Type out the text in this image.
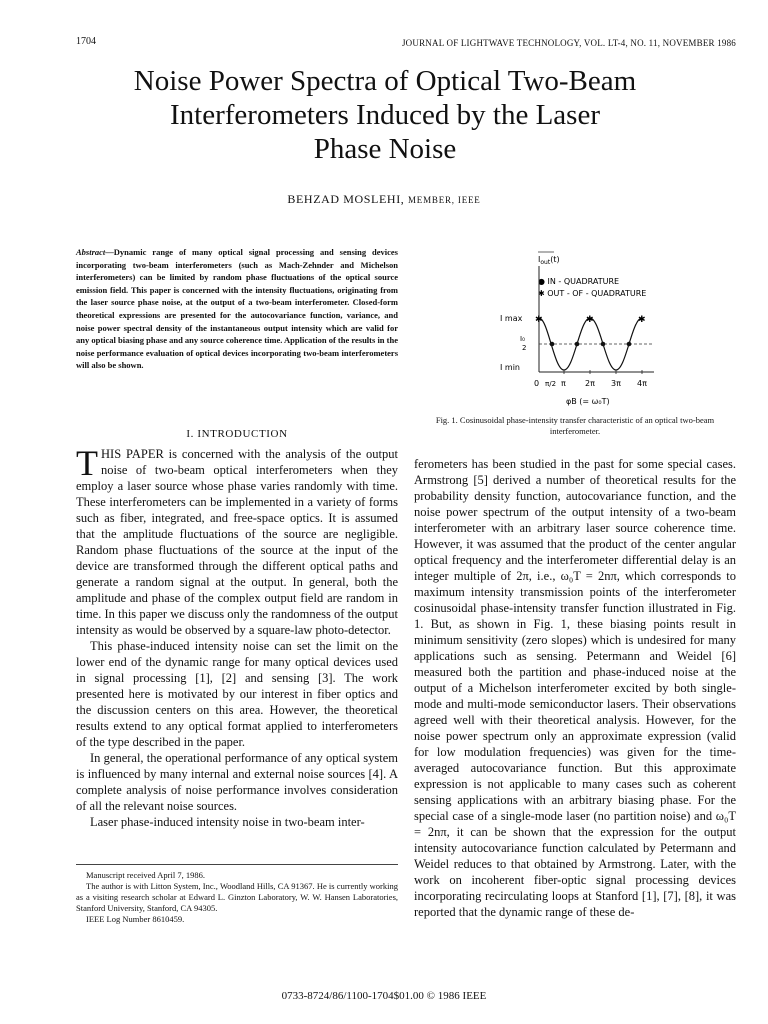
1704	JOURNAL OF LIGHTWAVE TECHNOLOGY, VOL. LT-4, NO. 11, NOVEMBER 1986
Noise Power Spectra of Optical Two-Beam
Interferometers Induced by the Laser
Phase Noise
BEHZAD MOSLEHI, MEMBER, IEEE
Abstract—Dynamic range of many optical signal processing and sensing devices incorporating two-beam interferometers (such as Mach-Zehnder and Michelson interferometers) can be limited by random phase fluctuations of the optical source emission field. This paper is concerned with the intensity fluctuations, originating from the laser source phase noise, at the output of a two-beam interferometer. Closed-form theoretical expressions are presented for the autocovariance function, variance, and noise power spectral density of the instantaneous output intensity which are valid for any optical biasing phase and any source coherence time. Application of the results in the noise performance evaluation of optical devices incorporating two-beam interferometers will also be shown.
I. INTRODUCTION

THIS PAPER is concerned with the analysis of the output noise of two-beam optical interferometers when they employ a laser source whose phase varies randomly with time. These interferometers can be implemented in a variety of forms such as fiber, integrated, and free-space optics. It is assumed that the amplitude fluctuations of the source are negligible. Random phase fluctuations of the source at the input of the device are transformed through the different optical paths and generate a random signal at the output. In general, both the amplitude and phase of the complex output field are random in time. In this paper we discuss only the randomness of the output intensity as would be observed by a square-law photo-detector.

This phase-induced intensity noise can set the limit on the lower end of the dynamic range for many optical devices used in signal processing [1], [2] and sensing [3]. The work presented here is motivated by our interest in fiber optics and the discussion centers on this area. However, the theoretical results extend to any optical format applied to interferometers of the type described in the paper.

In general, the operational performance of any optical system is influenced by many internal and external noise sources [4]. A complete analysis of noise performance involves consideration of all the relevant noise sources.

Laser phase-induced intensity noise in two-beam inter-

Manuscript received April 7, 1986.

The author is with Litton System, Inc., Woodland Hills, CA 91367. He is currently working as a visiting research scholar at Edward L. Ginzton Laboratory, W. W. Hansen Laboratories, Stanford University, Stanford, CA 94305.

IEEE Log Number 8610459.

$I_{out}(t)$
● IN - QUADRATURE
✱ OUT - OF - QUADRATURE
I max
I₀
2
I min
✱	✱	✱
0 π/2 π 2π 3π 4π
φB (= ω₀T)
Fig. 1. Cosinusoidal phase-intensity transfer characteristic of an optical two-beam interferometer.

ferometers has been studied in the past for some special cases. Armstrong [5] derived a number of theoretical results for the probability density function, autocovariance function, and the noise power spectrum of the output intensity of a two-beam interferometer with an arbitrary laser source coherence time. However, it was assumed that the product of the center angular optical frequency and the interferometer differential delay is an integer multiple of 2π, i.e., ω₀T = 2nπ, which corresponds to maximum intensity transmission points of the interferometer cosinusoidal phase-intensity transfer function illustrated in Fig. 1. But, as shown in Fig. 1, these biasing points result in minimum sensitivity (zero slopes) which is undesired for many applications such as sensing. Petermann and Weidel [6] measured both the partition and phase-induced noise at the output of a Michelson interferometer excited by both single-mode and multi-mode semiconductor lasers. Their observations agreed well with their theoretical analysis. However, for the noise power spectrum only an approximate expression (valid for low modulation frequencies) was given for the time-averaged autocovariance function. But this approximate expression is not applicable to many cases such as coherent sensing applications with an arbitrary biasing phase. For the special case of a single-mode laser (no partition noise) and ω₀T = 2nπ, it can be shown that the expression for the output intensity autocovariance function calculated by Petermann and Weidel reduces to that obtained by Armstrong. Later, with the work on incoherent fiber-optic signal processing devices incorporating recirculating loops at Stanford [1], [7], [8], it was reported that the dynamic range of these de-

0733-8724/86/1100-1704$01.00 © 1986 IEEE
